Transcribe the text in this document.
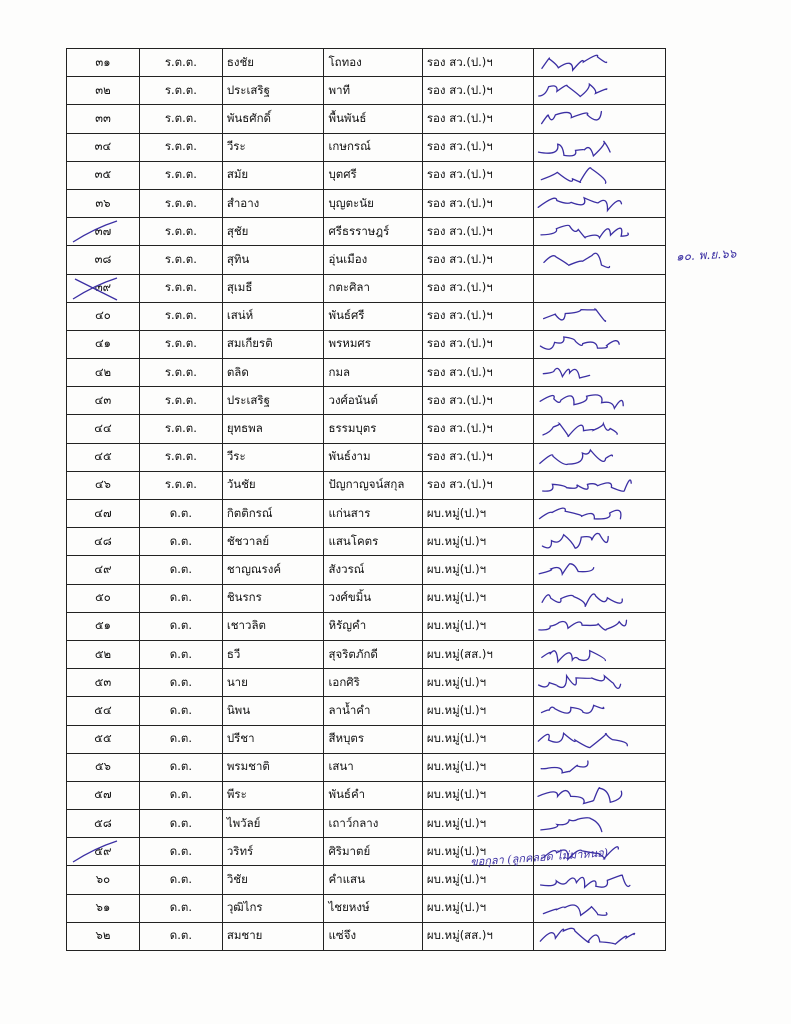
๓๑	ร.ต.ต.	ธงชัย	โถทอง	รอง สว.(ป.)ฯ	

๓๒	ร.ต.ต.	ประเสริฐ	พาที	รอง สว.(ป.)ฯ	

๓๓	ร.ต.ต.	พันธศักดิ์	พื้นพันธ์	รอง สว.(ป.)ฯ	

๓๔	ร.ต.ต.	วีระ	เกษกรณ์	รอง สว.(ป.)ฯ	

๓๕	ร.ต.ต.	สมัย	บุตศรี	รอง สว.(ป.)ฯ	

๓๖	ร.ต.ต.	สำอาง	บุญตะนัย	รอง สว.(ป.)ฯ	

๓๗	ร.ต.ต.	สุชัย	ศรีธรราษฎร์	รอง สว.(ป.)ฯ	

๓๘	ร.ต.ต.	สุทิน	อุ่นเมือง	รอง สว.(ป.)ฯ	

๓๙	ร.ต.ต.	สุเมธี	กตะศิลา	รอง สว.(ป.)ฯ	
๔๐	ร.ต.ต.	เสน่ห์	พันธ์ศรี	รอง สว.(ป.)ฯ	

๔๑	ร.ต.ต.	สมเกียรติ	พรหมศร	รอง สว.(ป.)ฯ	

๔๒	ร.ต.ต.	ตลิด	กมล	รอง สว.(ป.)ฯ	

๔๓	ร.ต.ต.	ประเสริฐ	วงศ์อนันต์	รอง สว.(ป.)ฯ	

๔๔	ร.ต.ต.	ยุทธพล	ธรรมบุตร	รอง สว.(ป.)ฯ	

๔๕	ร.ต.ต.	วีระ	พันธ์งาม	รอง สว.(ป.)ฯ	

๔๖	ร.ต.ต.	วันชัย	ปัญกาญจน์สกุล	รอง สว.(ป.)ฯ	

๔๗	ด.ต.	กิตติกรณ์	แก่นสาร	ผบ.หมู่(ป.)ฯ	

๔๘	ด.ต.	ชัชวาลย์	แสนโคตร	ผบ.หมู่(ป.)ฯ	

๔๙	ด.ต.	ชาญณรงค์	สังวรณ์	ผบ.หมู่(ป.)ฯ	

๕๐	ด.ต.	ชินรกร	วงศ์ขมิ้น	ผบ.หมู่(ป.)ฯ	

๕๑	ด.ต.	เชาวลิต	หิรัญคำ	ผบ.หมู่(ป.)ฯ	

๕๒	ด.ต.	ธวี	สุจริตภักดี	ผบ.หมู่(สส.)ฯ	

๕๓	ด.ต.	นาย	เอกศิริ	ผบ.หมู่(ป.)ฯ	

๕๔	ด.ต.	นิพน	ลาน้ำคำ	ผบ.หมู่(ป.)ฯ	

๕๕	ด.ต.	ปรีชา	สีหบุตร	ผบ.หมู่(ป.)ฯ	

๕๖	ด.ต.	พรมชาติ	เสนา	ผบ.หมู่(ป.)ฯ	

๕๗	ด.ต.	พีระ	พันธ์คำ	ผบ.หมู่(ป.)ฯ	

๕๘	ด.ต.	ไพวัลย์	เถาว์กลาง	ผบ.หมู่(ป.)ฯ	

๕๙	ด.ต.	วริทร์	ศิริมาตย์	ผบ.หมู่(ป.)ฯ	

๖๐	ด.ต.	วิชัย	คำแสน	ผบ.หมู่(ป.)ฯ	

๖๑	ด.ต.	วุฒิไกร	ไชยหงษ์	ผบ.หมู่(ป.)ฯ	

๖๒	ด.ต.	สมชาย	แซ่จึง	ผบ.หมู่(สส.)ฯ	
๑๐. พ.ย.๖๖
ขอกุลา (ลูกคลอด ไม่มาหนอ)
